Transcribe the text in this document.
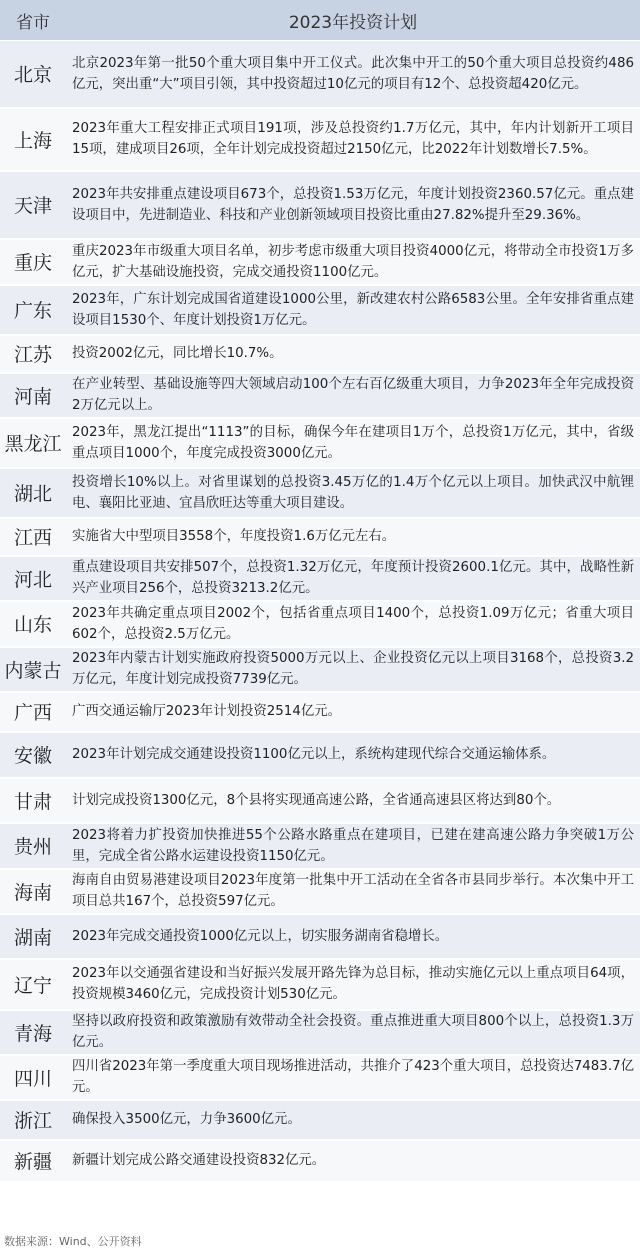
省市	2023年投资计划
北京	北京2023年第一批50个重大项目集中开工仪式。此次集中开工的50个重大项目总投资约486亿元，突出重“大”项目引领，其中投资超过10亿元的项目有12个、总投资超420亿元。
上海	2023年重大工程安排正式项目191项，涉及总投资约1.7万亿元，其中，年内计划新开工项目15项，建成项目26项，全年计划完成投资超过2150亿元，比2022年计划数增长7.5%。
天津	2023年共安排重点建设项目673个，总投资1.53万亿元，年度计划投资2360.57亿元。重点建设项目中，先进制造业、科技和产业创新领域项目投资比重由27.82%提升至29.36%。
重庆	重庆2023年市级重大项目名单，初步考虑市级重大项目投资4000亿元，将带动全市投资1万多亿元，扩大基础设施投资，完成交通投资1100亿元。
广东	2023年，广东计划完成国省道建设1000公里，新改建农村公路6583公里。全年安排省重点建设项目1530个、年度计划投资1万亿元。
江苏	投资2002亿元，同比增长10.7%。
河南	在产业转型、基础设施等四大领域启动100个左右百亿级重大项目，力争2023年全年完成投资2万亿元以上。
黑龙江	2023年，黑龙江提出“1113”的目标，确保今年在建项目1万个，总投资1万亿元，其中，省级重点项目1000个，年度完成投资3000亿元。
湖北	投资增长10%以上。对省里谋划的总投资3.45万亿的1.4万个亿元以上项目。加快武汉中航锂电、襄阳比亚迪、宜昌欣旺达等重大项目建设。
江西	实施省大中型项目3558个，年度投资1.6万亿元左右。
河北	重点建设项目共安排507个，总投资1.32万亿元，年度预计投资2600.1亿元。其中，战略性新兴产业项目256个，总投资3213.2亿元。
山东	2023年共确定重点项目2002个，包括省重点项目1400个，总投资1.09万亿元；省重大项目602个，总投资2.5万亿元。
内蒙古	2023年内蒙古计划实施政府投资5000万元以上、企业投资亿元以上项目3168个，总投资3.2万亿元，年度计划完成投资7739亿元。
广西	广西交通运输厅2023年计划投资2514亿元。
安徽	2023年计划完成交通建设投资1100亿元以上，系统构建现代综合交通运输体系。
甘肃	计划完成投资1300亿元，8个县将实现通高速公路，全省通高速县区将达到80个。
贵州	2023将着力扩投资加快推进55个公路水路重点在建项目，已建在建高速公路力争突破1万公里，完成全省公路水运建设投资1150亿元。
海南	海南自由贸易港建设项目2023年度第一批集中开工活动在全省各市县同步举行。本次集中开工项目总共167个，总投资597亿元。
湖南	2023年完成交通投资1000亿元以上，切实服务湖南省稳增长。
辽宁	2023年以交通强省建设和当好振兴发展开路先锋为总目标，推动实施亿元以上重点项目64项，投资规模3460亿元，完成投资计划530亿元。
青海	坚持以政府投资和政策激励有效带动全社会投资。重点推进重大项目800个以上，总投资1.3万亿元。
四川	四川省2023年第一季度重大项目现场推进活动，共推介了423个重大项目，总投资达7483.7亿元。
浙江	确保投入3500亿元，力争3600亿元。
新疆	新疆计划完成公路交通建设投资832亿元。
数据来源：Wind、公开资料
